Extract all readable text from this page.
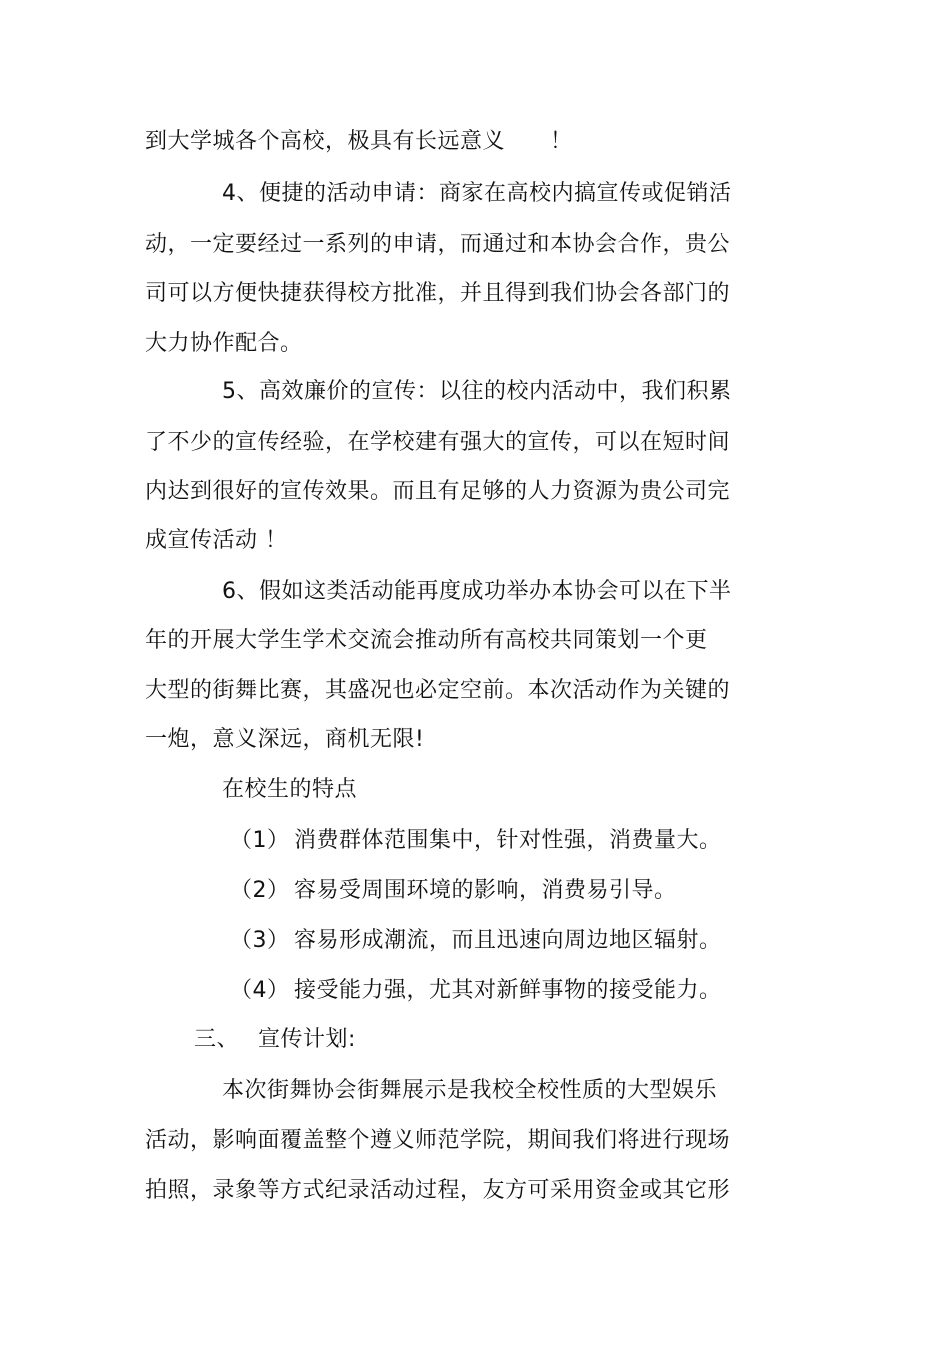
到大学城各个高校，极具有长远意义　　！
4、便捷的活动申请：商家在高校内搞宣传或促销活
动，一定要经过一系列的申请，而通过和本协会合作，贵公
司可以方便快捷获得校方批准，并且得到我们协会各部门的
大力协作配合。
5、高效廉价的宣传：以往的校内活动中，我们积累
了不少的宣传经验，在学校建有强大的宣传，可以在短时间
内达到很好的宣传效果。而且有足够的人力资源为贵公司完
成宣传活动 ！
6、假如这类活动能再度成功举办本协会可以在下半
年的开展大学生学术交流会推动所有高校共同策划一个更
大型的街舞比赛，其盛况也必定空前。本次活动作为关键的
一炮，意义深远，商机无限!
在校生的特点
（1） 消费群体范围集中，针对性强，消费量大。
（2） 容易受周围环境的影响，消费易引导。
（3） 容易形成潮流，而且迅速向周边地区辐射。
（4） 接受能力强，尤其对新鲜事物的接受能力。
三、 宣传计划:
本次街舞协会街舞展示是我校全校性质的大型娱乐
活动，影响面覆盖整个遵义师范学院，期间我们将进行现场
拍照，录象等方式纪录活动过程，友方可采用资金或其它形
